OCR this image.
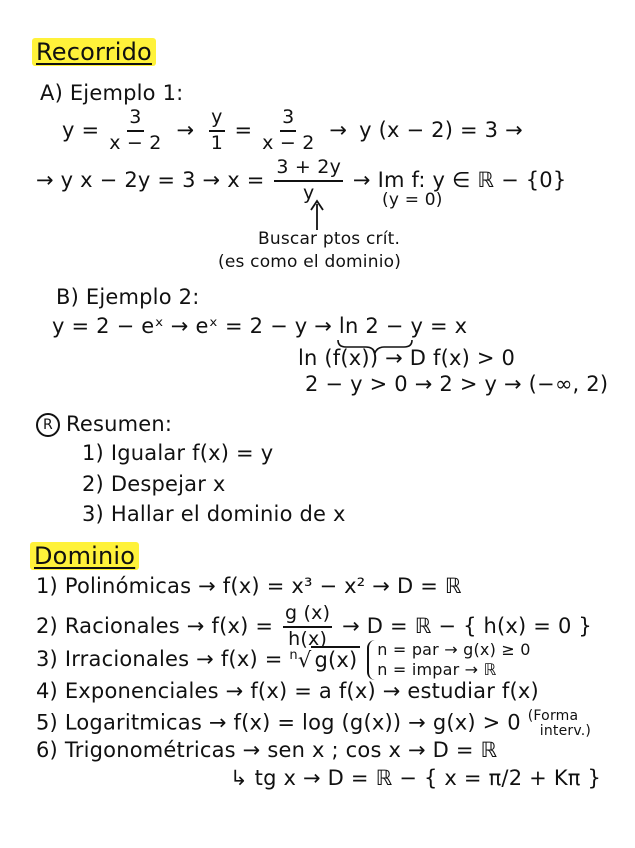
Recorrido
A) Ejemplo 1:
$y = \frac{3}{x - 2} \to \frac{y}{1} = \frac{3}{x - 2} \to y$ (x − 2) = 3 →
→ y $x - 2y = 3 \to x = \frac{3 + 2y}{y} \to Im$ f: y ∈ ℝ − {0}
(y = 0)
Buscar ptos crít.
(es como el dominio)
B) Ejemplo 2:
y = 2 − eˣ → eˣ = 2 − y → ln 2 − y = x
ln (f(x)) → D f(x) > 0
2 − y > 0 → 2 > y → (−∞, 2)
R Resumen:
1) Igualar f(x) = y
2) Despejar x
3) Hallar el dominio de x
Dominio
1) Polinómicas → f(x) = x³ − x² → D = ℝ
2) Racionales → $f(x) = \frac{g (x)}{h(x)} \to D$ = ℝ − { h(x) = 0 }
3) Irracionales → f(x) = $^n$√ g(x) n = par → g(x) ≥ 0
n = impar → ℝ
4) Exponenciales → f(x) = a f(x) → estudiar f(x)
5) Logaritmicas → f(x) = log (g(x)) → g(x) > 0 (Forma
interv.)
6) Trigonométricas → sen x ; cos x → D = ℝ
↳ tg x → D = ℝ − { x = π/2 + Kπ }
